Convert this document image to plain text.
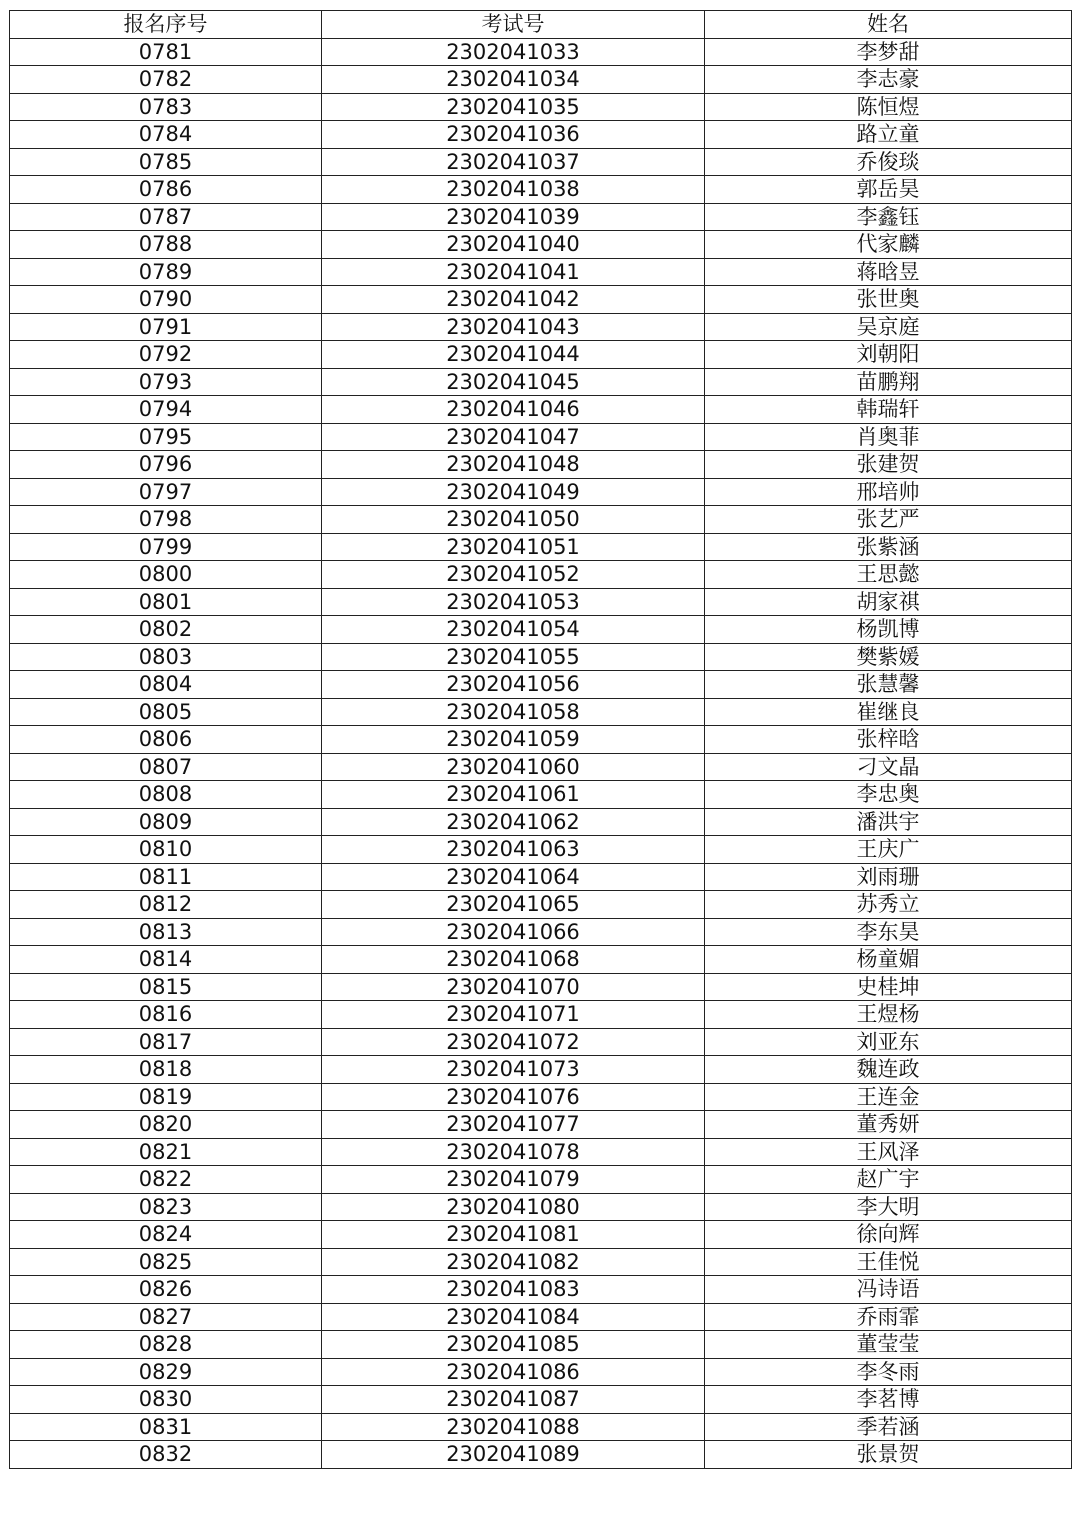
报名序号	考试号	姓名
0781	2302041033	李梦甜
0782	2302041034	李志豪
0783	2302041035	陈恒煜
0784	2302041036	路立童
0785	2302041037	乔俊琰
0786	2302041038	郭岳昊
0787	2302041039	李鑫钰
0788	2302041040	代家麟
0789	2302041041	蒋晗昱
0790	2302041042	张世奥
0791	2302041043	吴京庭
0792	2302041044	刘朝阳
0793	2302041045	苗鹏翔
0794	2302041046	韩瑞轩
0795	2302041047	肖奥菲
0796	2302041048	张建贺
0797	2302041049	邢培帅
0798	2302041050	张艺严
0799	2302041051	张紫涵
0800	2302041052	王思懿
0801	2302041053	胡家祺
0802	2302041054	杨凯博
0803	2302041055	樊紫媛
0804	2302041056	张慧馨
0805	2302041058	崔继良
0806	2302041059	张梓晗
0807	2302041060	刁文晶
0808	2302041061	李忠奥
0809	2302041062	潘洪宇
0810	2302041063	王庆广
0811	2302041064	刘雨珊
0812	2302041065	苏秀立
0813	2302041066	李东昊
0814	2302041068	杨童媚
0815	2302041070	史桂坤
0816	2302041071	王煜杨
0817	2302041072	刘亚东
0818	2302041073	魏连政
0819	2302041076	王连金
0820	2302041077	董秀妍
0821	2302041078	王风泽
0822	2302041079	赵广宇
0823	2302041080	李大明
0824	2302041081	徐向辉
0825	2302041082	王佳悦
0826	2302041083	冯诗语
0827	2302041084	乔雨霏
0828	2302041085	董莹莹
0829	2302041086	李冬雨
0830	2302041087	李茗博
0831	2302041088	季若涵
0832	2302041089	张景贺
